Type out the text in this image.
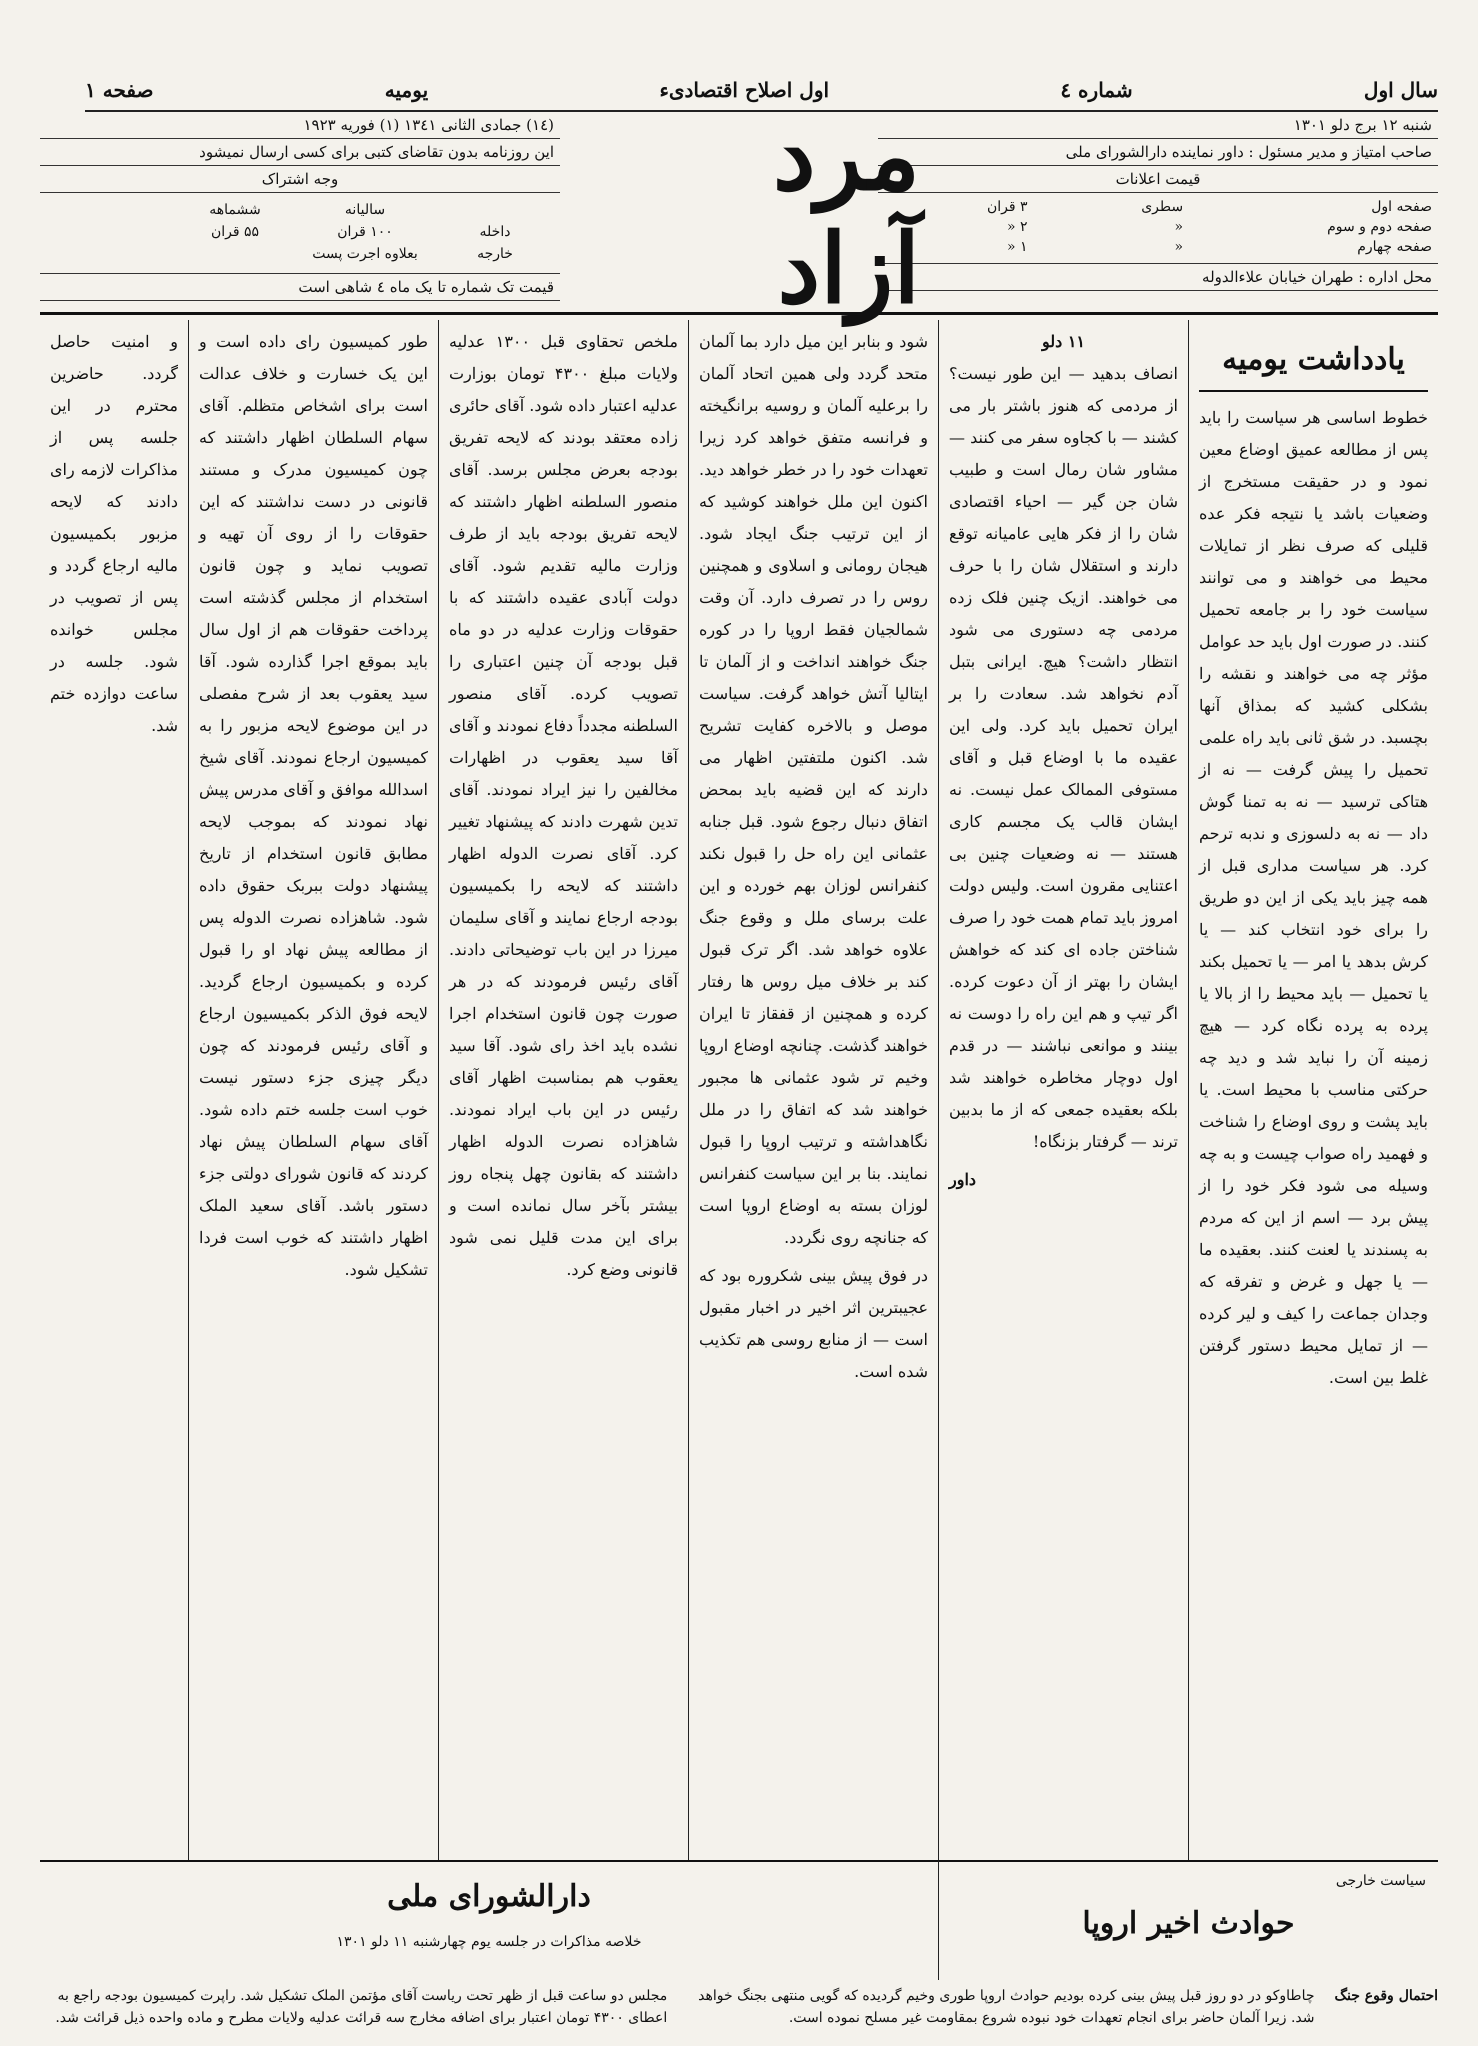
سال اول
شماره ٤
اول اصلاح اقتصادیء
یومیه
صفحه ۱
شنبه ۱۲ برج دلو ۱۳۰۱
صاحب امتیاز و مدیر مسئول : داور نماینده دارالشورای ملی
قیمت اعلانات
صفحه اول
سطری
۳ قران
صفحه دوم و سوم
«
۲ «
صفحه چهارم
«
۱ «
محل اداره : طهران خیابان علاءالدوله
مرد آزاد
(۱٤) جمادی الثانی ۱۳٤۱ (۱) فوریه ۱۹۲۳
این روزنامه بدون تقاضای کتبی برای کسی ارسال نمیشود
وجه اشتراک
سالیانه
ششماهه
داخله
۱۰۰ قران
۵۵ قران
خارجه
بعلاوه اجرت پست
قیمت تک شماره تا یک ماه ٤ شاهی است
یادداشت یومیه

خطوط اساسی هر سیاست را باید پس از مطالعه عمیق اوضاع معین نمود و در حقیقت مستخرج از وضعیات باشد یا نتیجه فکر عده قلیلی که صرف نظر از تمایلات محیط می خواهند و می توانند سیاست خود را بر جامعه تحمیل کنند. در صورت اول باید حد عوامل مؤثر چه می خواهند و نقشه را بشکلی کشید که بمذاق آنها بچسبد. در شق ثانی باید راه علمی تحمیل را پیش گرفت — نه از هتاکی ترسید — نه به تمنا گوش داد — نه به دلسوزی و ندبه ترحم کرد. هر سیاست مداری قبل از همه چیز باید یکی از این دو طریق را برای خود انتخاب کند — یا کرش بدهد یا امر — یا تحمیل بکند یا تحمیل — باید محیط را از بالا یا پرده به پرده نگاه کرد — هیچ زمینه آن را نباید شد و دید چه حرکتی مناسب با محیط است. یا باید پشت و روی اوضاع را شناخت و فهمید راه صواب چیست و به چه وسیله می شود فکر خود را از پیش برد — اسم از این که مردم به پسندند یا لعنت کنند. بعقیده ما — یا جهل و غرض و تفرقه که وجدان جماعت را کیف و لیر کرده — از تمایل محیط دستور گرفتن غلط بین است.

۱۱ دلو

انصاف بدهید — این طور نیست؟ از مردمی که هنوز باشتر بار می کشند — با کجاوه سفر می کنند — مشاور شان رمال است و طبیب شان جن گیر — احیاء اقتصادی شان را از فکر هایی عامیانه توقع دارند و استقلال شان را با حرف می خواهند. ازیک چنین فلک زده مردمی چه دستوری می شود انتظار داشت؟ هیچ. ایرانی بتبل آدم نخواهد شد. سعادت را بر ایران تحمیل باید کرد. ولی این عقیده ما با اوضاع قبل و آقای مستوفی الممالک عمل نیست. نه ایشان قالب یک مجسم کاری هستند — نه وضعیات چنین بی اعتنایی مقرون است. ولیس دولت امروز باید تمام همت خود را صرف شناختن جاده ای کند که خواهش ایشان را بهتر از آن دعوت کرده. اگر تیپ و هم این راه را دوست نه بینند و موانعی نباشند — در قدم اول دوچار مخاطره خواهند شد بلکه بعقیده جمعی که از ما بدبین ترند — گرفتار بزنگاه!

داور

شود و بنابر این میل دارد بما آلمان متحد گردد ولی همین اتحاد آلمان را برعلیه آلمان و روسیه برانگیخته و فرانسه متفق خواهد کرد زیرا تعهدات خود را در خطر خواهد دید. اکنون این ملل خواهند کوشید که از این ترتیب جنگ ایجاد شود. هیجان رومانی و اسلاوی و همچنین روس را در تصرف دارد. آن وقت شمالجیان فقط اروپا را در کوره جنگ خواهند انداخت و از آلمان تا ایتالیا آتش خواهد گرفت. سیاست موصل و بالاخره کفایت تشریح شد. اکنون ملتفتین اظهار می دارند که این قضیه باید بمحض اتفاق دنبال رجوع شود. قبل جنابه عثمانی این راه حل را قبول نکند کنفرانس لوزان بهم خورده و این علت برسای ملل و وقوع جنگ علاوه خواهد شد. اگر ترک قبول کند بر خلاف میل روس ها رفتار کرده و همچنین از قفقاز تا ایران خواهند گذشت. چنانچه اوضاع اروپا وخیم تر شود عثمانی ها مجبور خواهند شد که اتفاق را در ملل نگاهداشته و ترتیب اروپا را قبول نمایند. بنا بر این سیاست کنفرانس لوزان بسته به اوضاع اروپا است که جنانچه روی نگردد.

در فوق پیش بینی شکروره بود که عجیبترین اثر اخیر در اخبار مقبول است — از منابع روسی هم تکذیب شده است.

ملخص تحقاوی قبل ۱۳۰۰ عدلیه ولایات مبلغ ۴۳۰۰ تومان بوزارت عدلیه اعتبار داده شود. آقای حائری زاده معتقد بودند که لایحه تفریق بودجه بعرض مجلس برسد. آقای منصور السلطنه اظهار داشتند که لایحه تفریق بودجه باید از طرف وزارت مالیه تقدیم شود. آقای دولت آبادی عقیده داشتند که با حقوقات وزارت عدلیه در دو ماه قبل بودجه آن چنین اعتباری را تصویب کرده. آقای منصور السلطنه مجدداً دفاع نمودند و آقای آقا سید یعقوب در اظهارات مخالفین را نیز ایراد نمودند. آقای تدین شهرت دادند که پیشنهاد تغییر کرد. آقای نصرت الدوله اظهار داشتند که لایحه را بکمیسیون بودجه ارجاع نمایند و آقای سلیمان میرزا در این باب توضیحاتی دادند. آقای رئیس فرمودند که در هر صورت چون قانون استخدام اجرا نشده باید اخذ رای شود. آقا سید یعقوب هم بمناسبت اظهار آقای رئیس در این باب ایراد نمودند. شاهزاده نصرت الدوله اظهار داشتند که بقانون چهل پنجاه روز بیشتر بآخر سال نمانده است و برای این مدت قلیل نمی شود قانونی وضع کرد.

طور کمیسیون رای داده است و این یک خسارت و خلاف عدالت است برای اشخاص متظلم. آقای سهام السلطان اظهار داشتند که چون کمیسیون مدرک و مستند قانونی در دست نداشتند که این حقوقات را از روی آن تهیه و تصویب نماید و چون قانون استخدام از مجلس گذشته است پرداخت حقوقات هم از اول سال باید بموقع اجرا گذارده شود. آقا سید یعقوب بعد از شرح مفصلی در این موضوع لایحه مزبور را به کمیسیون ارجاع نمودند. آقای شیخ اسدالله موافق و آقای مدرس پیش نهاد نمودند که بموجب لایحه مطابق قانون استخدام از تاریخ پیشنهاد دولت ببربک حقوق داده شود. شاهزاده نصرت الدوله پس از مطالعه پیش نهاد او را قبول کرده و بکمیسیون ارجاع گردید. لایحه فوق الذکر بکمیسیون ارجاع و آقای رئیس فرمودند که چون دیگر چیزی جزء دستور نیست خوب است جلسه ختم داده شود. آقای سهام السلطان پیش نهاد کردند که قانون شورای دولتی جزء دستور باشد. آقای سعید الملک اظهار داشتند که خوب است فردا تشکیل شود.

و امنیت حاصل گردد. حاضرین محترم در این جلسه پس از مذاکرات لازمه رای دادند که لایحه مزبور بکمیسیون مالیه ارجاع گردد و پس از تصویب در مجلس خوانده شود. جلسه در ساعت دوازده ختم شد.

سیاست خارجی
حوادث اخیر اروپا
دارالشورای ملی
خلاصه مذاکرات در جلسه یوم چهارشنبه ۱۱ دلو ۱۳۰۱
احتمال وقوع جنگ
چاطاوکو در دو روز قبل پیش بینی کرده بودیم حوادث اروپا طوری وخیم گردیده که گویی منتهی بجنگ خواهد شد. زیرا آلمان حاضر برای انجام تعهدات خود نبوده شروع بمقاومت غیر مسلح نموده است.
مجلس دو ساعت قبل از ظهر تحت ریاست آقای مؤتمن الملک تشکیل شد. راپرت کمیسیون بودجه راجع به اعطای ۴۳۰۰ تومان اعتبار برای اضافه مخارج سه قرائت عدلیه ولایات مطرح و ماده واحده ذیل قرائت شد.
